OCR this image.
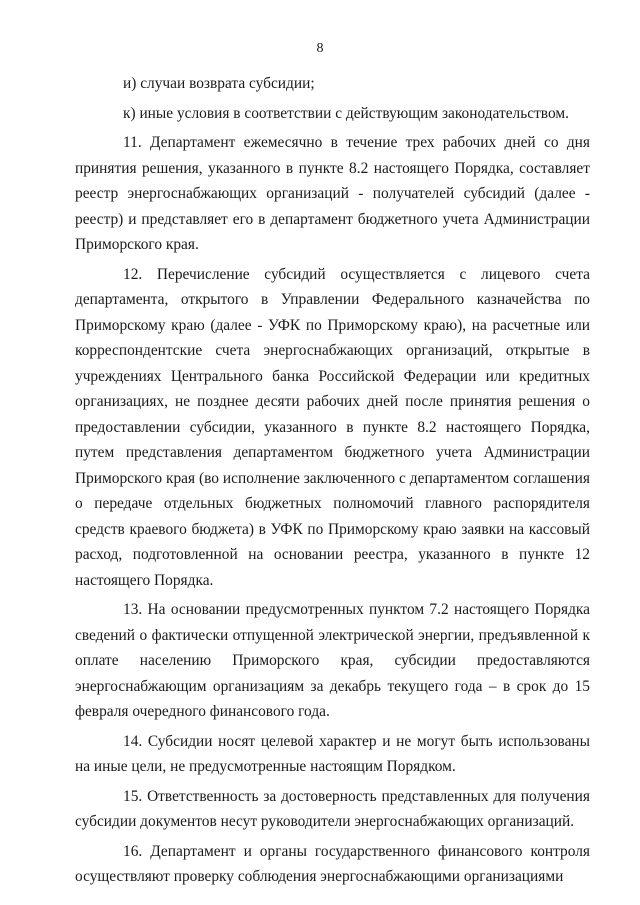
8

и) случаи возврата субсидии;

к) иные условия в соответствии с действующим законодательством.

11. Департамент ежемесячно в течение трех рабочих дней со дня принятия решения, указанного в пункте 8.2 настоящего Порядка, составляет реестр энергоснабжающих организаций - получателей субсидий (далее - реестр) и представляет его в департамент бюджетного учета Администрации Приморского края.

12. Перечисление субсидий осуществляется с лицевого счета департамента, открытого в Управлении Федерального казначейства по Приморскому краю (далее - УФК по Приморскому краю), на расчетные или корреспондентские счета энергоснабжающих организаций, открытые в учреждениях Центрального банка Российской Федерации или кредитных организациях, не позднее десяти рабочих дней после принятия решения о предоставлении субсидии, указанного в пункте 8.2 настоящего Порядка, путем представления департаментом бюджетного учета Администрации Приморского края (во исполнение заключенного с департаментом соглашения о передаче отдельных бюджетных полномочий главного распорядителя средств краевого бюджета) в УФК по Приморскому краю заявки на кассовый расход, подготовленной на основании реестра, указанного в пункте 12 настоящего Порядка.

13. На основании предусмотренных пунктом 7.2 настоящего Порядка сведений о фактически отпущенной электрической энергии, предъявленной к оплате населению Приморского края, субсидии предоставляются энергоснабжающим организациям за декабрь текущего года – в срок до 15 февраля очередного финансового года.

14. Субсидии носят целевой характер и не могут быть использованы на иные цели, не предусмотренные настоящим Порядком.

15. Ответственность за достоверность представленных для получения субсидии документов несут руководители энергоснабжающих организаций.

16. Департамент и органы государственного финансового контроля осуществляют проверку соблюдения энергоснабжающими организациями
